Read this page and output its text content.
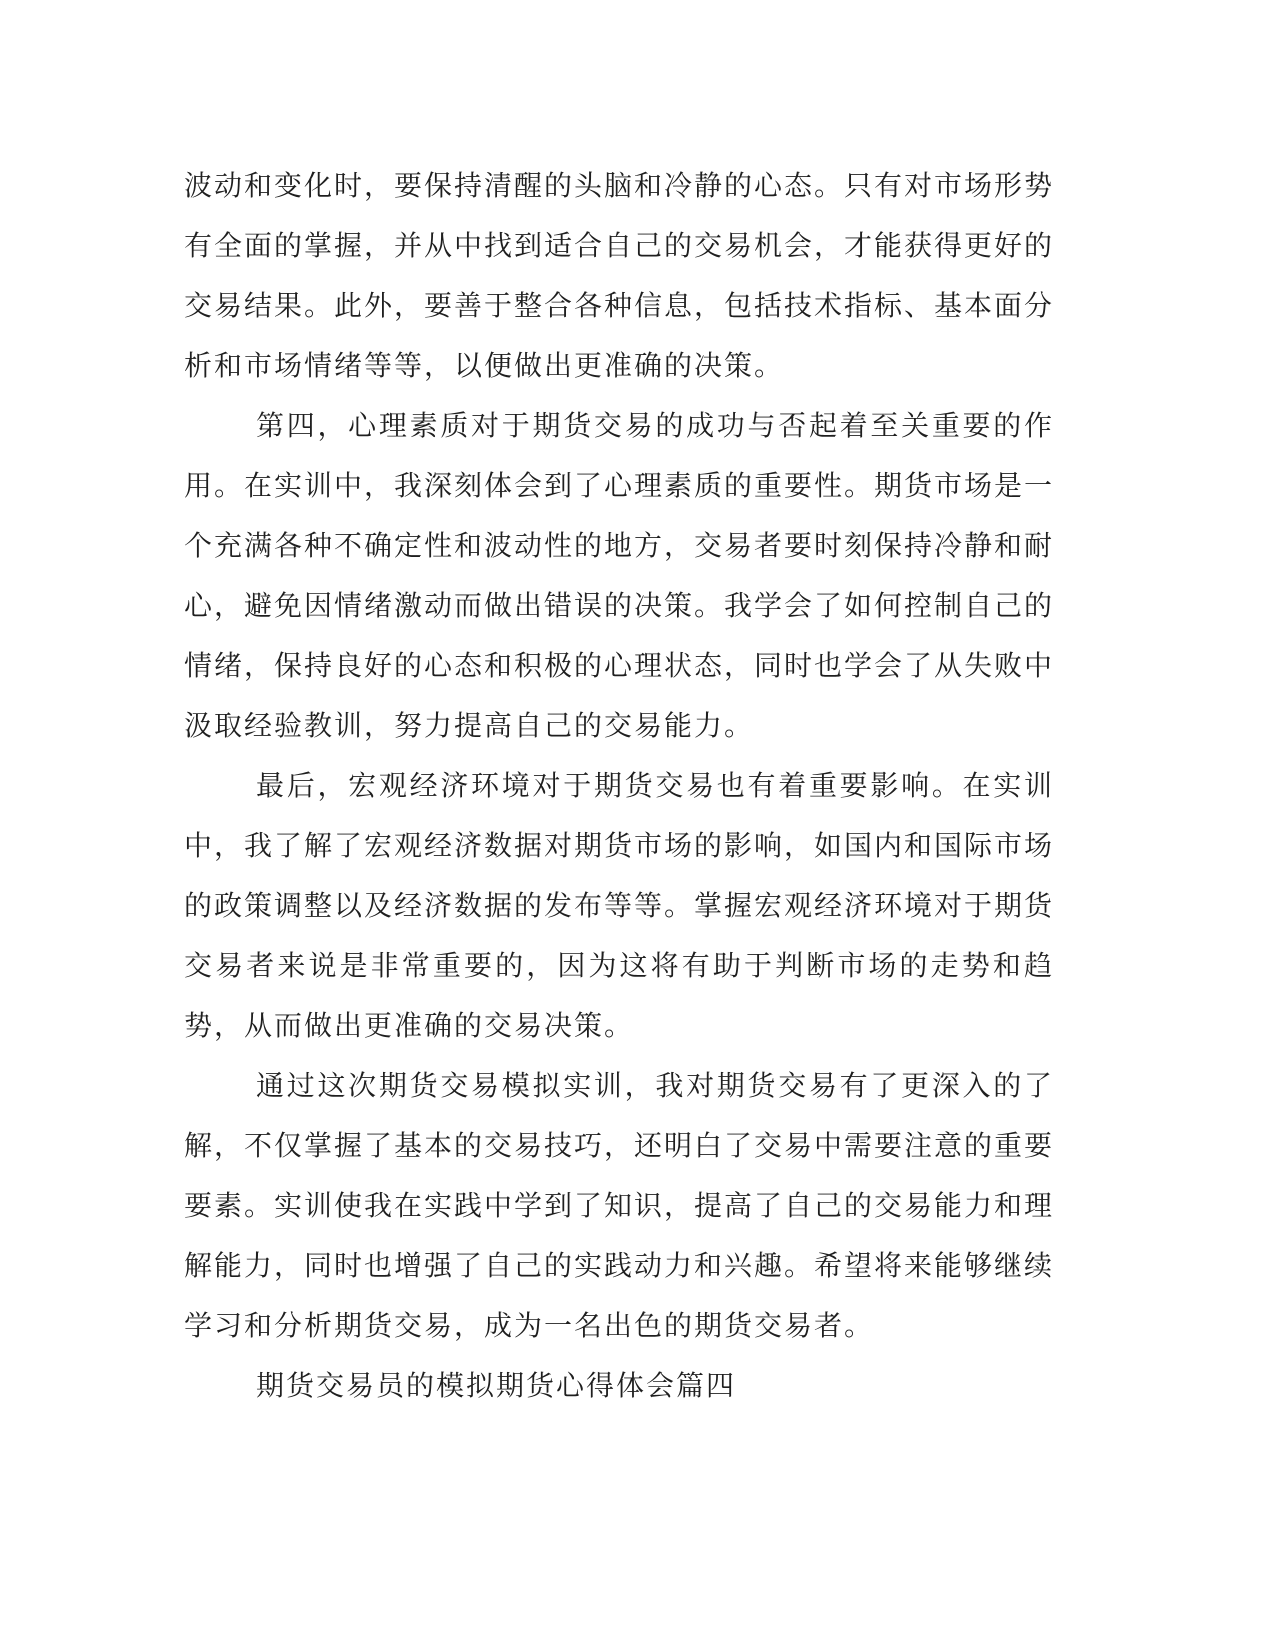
波动和变化时，要保持清醒的头脑和冷静的心态。只有对市场形势有全面的掌握，并从中找到适合自己的交易机会，才能获得更好的交易结果。此外，要善于整合各种信息，包括技术指标、基本面分析和市场情绪等等，以便做出更准确的决策。

第四，心理素质对于期货交易的成功与否起着至关重要的作用。在实训中，我深刻体会到了心理素质的重要性。期货市场是一个充满各种不确定性和波动性的地方，交易者要时刻保持冷静和耐心，避免因情绪激动而做出错误的决策。我学会了如何控制自己的情绪，保持良好的心态和积极的心理状态，同时也学会了从失败中汲取经验教训，努力提高自己的交易能力。

最后，宏观经济环境对于期货交易也有着重要影响。在实训中，我了解了宏观经济数据对期货市场的影响，如国内和国际市场的政策调整以及经济数据的发布等等。掌握宏观经济环境对于期货交易者来说是非常重要的，因为这将有助于判断市场的走势和趋势，从而做出更准确的交易决策。

通过这次期货交易模拟实训，我对期货交易有了更深入的了解，不仅掌握了基本的交易技巧，还明白了交易中需要注意的重要要素。实训使我在实践中学到了知识，提高了自己的交易能力和理解能力，同时也增强了自己的实践动力和兴趣。希望将来能够继续学习和分析期货交易，成为一名出色的期货交易者。

期货交易员的模拟期货心得体会篇四
